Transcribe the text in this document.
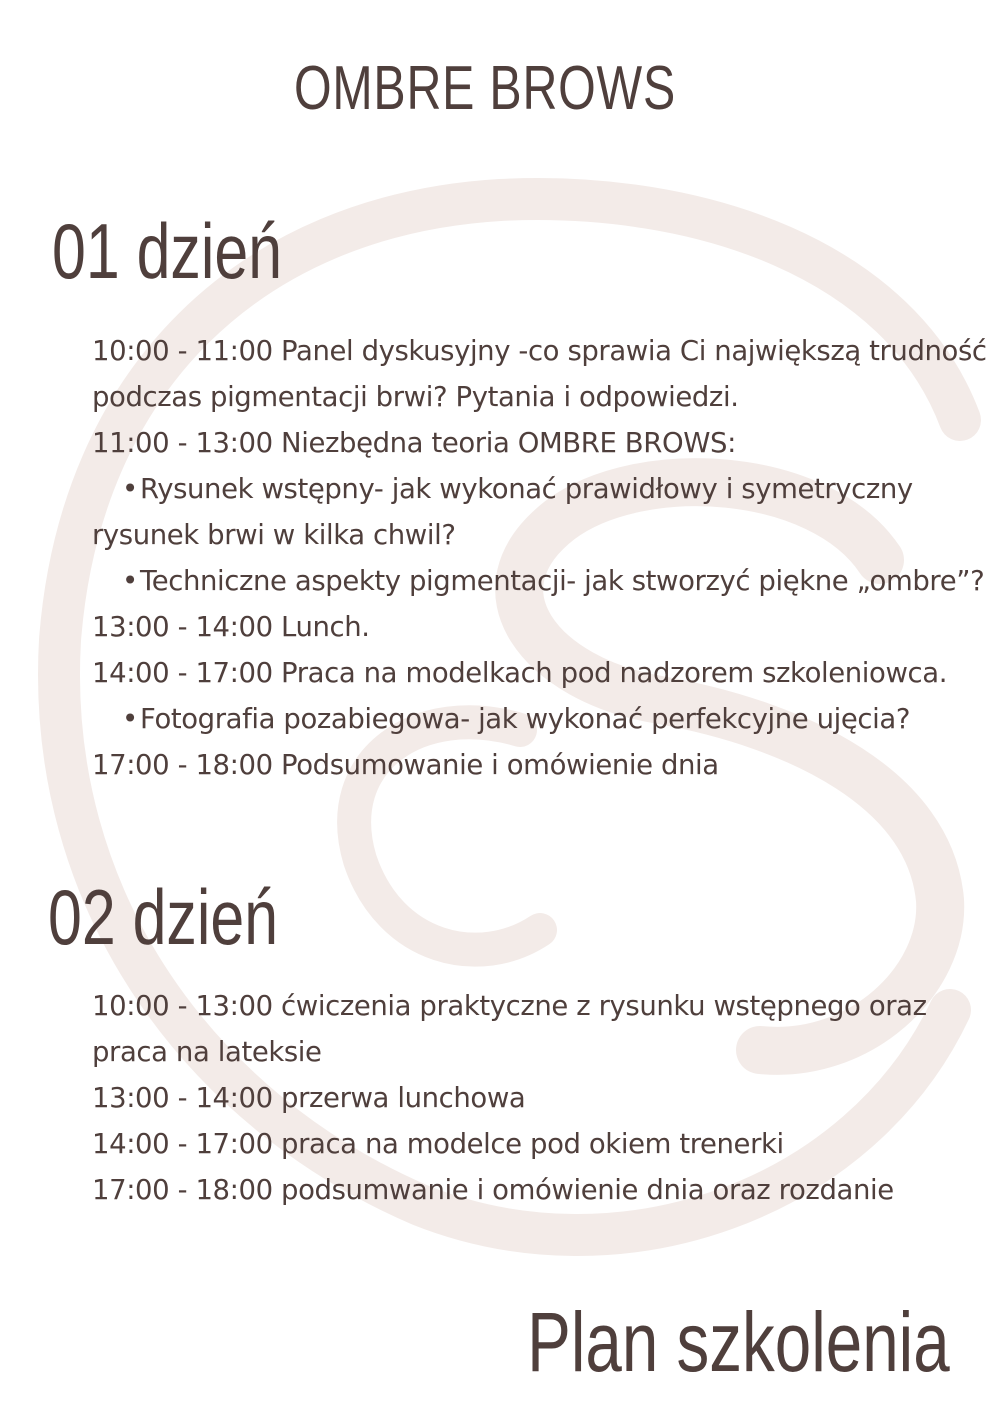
OMBRE BROWS
01 dzień
10:00 - 11:00 Panel dyskusyjny -co sprawia Ci największą trudność podczas pigmentacji brwi? Pytania i odpowiedzi.
11:00 - 13:00 Niezbędna teoria OMBRE BROWS:
•Rysunek wstępny- jak wykonać prawidłowy i symetryczny rysunek brwi w kilka chwil?
•Techniczne aspekty pigmentacji- jak stworzyć piękne „ombre”?
13:00 - 14:00 Lunch.
14:00 - 17:00 Praca na modelkach pod nadzorem szkoleniowca.
•Fotografia pozabiegowa- jak wykonać perfekcyjne ujęcia?
17:00 - 18:00 Podsumowanie i omówienie dnia
02 dzień
10:00 - 13:00 ćwiczenia praktyczne z rysunku wstępnego oraz praca na lateksie
13:00 - 14:00 przerwa lunchowa
14:00 - 17:00 praca na modelce pod okiem trenerki
17:00 - 18:00 podsumwanie i omówienie dnia oraz rozdanie
Plan szkolenia
